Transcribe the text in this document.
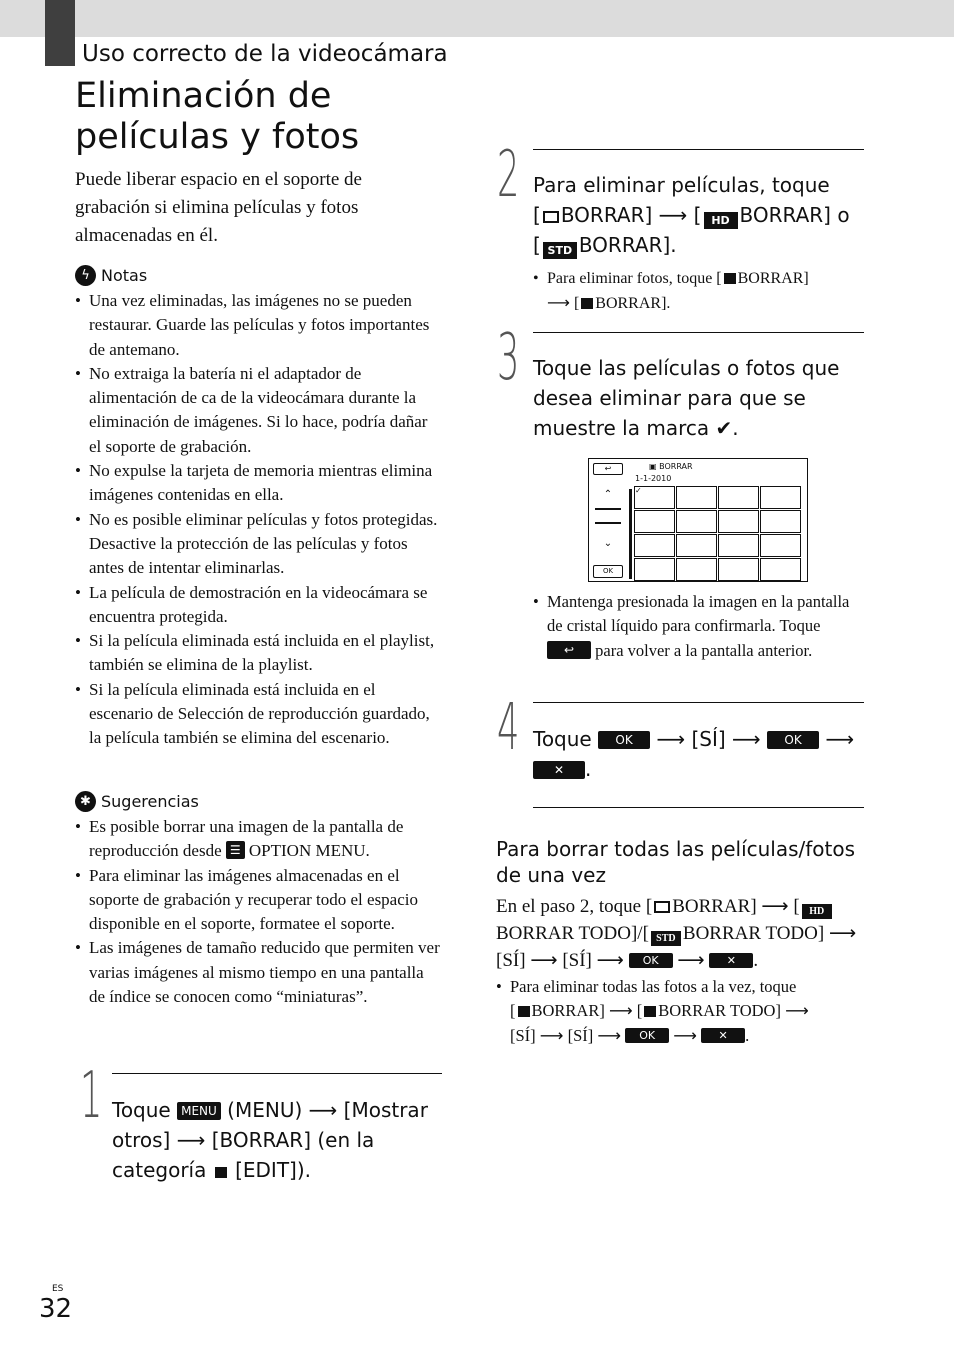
Uso correcto de la videocámara
Eliminación de películas y fotos
Puede liberar espacio en el soporte de grabación si elimina películas y fotos almacenadas en él.
ϟ Notas
• Una vez eliminadas, las imágenes no se pueden restaurar. Guarde las películas y fotos importantes de antemano.
• No extraiga la batería ni el adaptador de alimentación de ca de la videocámara durante la eliminación de imágenes. Si lo hace, podría dañar el soporte de grabación.
• No expulse la tarjeta de memoria mientras elimina imágenes contenidas en ella.
• No es posible eliminar películas y fotos protegidas. Desactive la protección de las películas y fotos antes de intentar eliminarlas.
• La película de demostración en la videocámara se encuentra protegida.
• Si la película eliminada está incluida en el playlist, también se elimina de la playlist.
• Si la película eliminada está incluida en el escenario de Selección de reproducción guardado, la película también se elimina del escenario.
✱ Sugerencias
• Es posible borrar una imagen de la pantalla de reproducción desde ☰ OPTION MENU.
• Para eliminar las imágenes almacenadas en el soporte de grabación y recuperar todo el espacio disponible en el soporte, formatee el soporte.
• Las imágenes de tamaño reducido que permiten ver varias imágenes al mismo tiempo en una pantalla de índice se conocen como “miniaturas”.
1 Toque MENU (MENU) ⟶ [Mostrar otros] ⟶ [BORRAR] (en la categoría [EDIT]).
2 Para eliminar películas, toque
[ BORRAR] ⟶ [ HD BORRAR] o
[ STD BORRAR].
• Para eliminar fotos, toque [ BORRAR]
⟶ [ BORRAR].
3 Toque las películas o fotos que desea eliminar para que se muestre la marca ✔.
↩	▣ BORRAR
1-1-2010
⌃
⌄
OK
✓
• Mantenga presionada la imagen en la pantalla de cristal líquido para confirmarla. Toque ↩ para volver a la pantalla anterior.
4 Toque OK ⟶ [SÍ] ⟶ OK ⟶
✕ .
Para borrar todas las películas/fotos de una vez
En el paso 2, toque [ BORRAR] ⟶ [ HDBORRAR TODO]/[ STD BORRAR TODO] ⟶ [SÍ] ⟶ [SÍ] ⟶ OK ⟶ ✕ .
• Para eliminar todas las fotos a la vez, toque
[ BORRAR] ⟶ [ BORRAR TODO] ⟶
[SÍ] ⟶ [SÍ] ⟶ OK ⟶ ✕ .
ES
32
